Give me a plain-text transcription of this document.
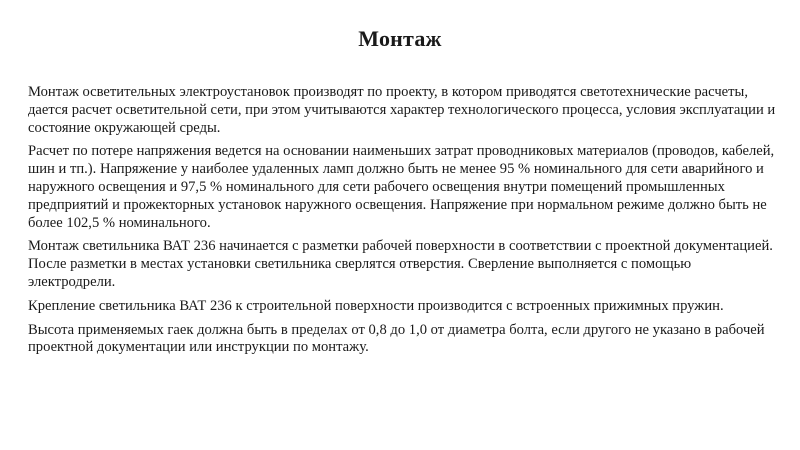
Монтаж

Монтаж осветительных электроустановок производят по проекту, в котором приводятся светотехнические расчеты, дается расчет осветительной сети, при этом учитываются характер технологического процесса, условия эксплуатации и состояние окружающей среды.

Расчет по потере напряжения ведется на основании наименьших затрат проводниковых материалов (проводов, кабелей, шин и тп.). Напряжение у наиболее удаленных ламп должно быть не менее 95 % номинального для сети аварийного и наружного освещения и 97,5 % номинального для сети рабочего освещения внутри помещений промышленных предприятий и прожекторных установок наружного освещения. Напряжение при нормальном режиме должно быть не более 102,5 % номинального.

Монтаж светильника ВАТ 236 начинается с разметки рабочей поверхности в соответствии с проектной документацией. После разметки в местах установки светильника сверлятся отверстия. Сверление выполняется с помощью электродрели.

Крепление светильника ВАТ 236 к строительной поверхности производится с встроенных прижимных пружин.

Высота применяемых гаек должна быть в пределах от 0,8 до 1,0 от диаметра болта, если другого не указано в рабочей проектной документации или инструкции по монтажу.
